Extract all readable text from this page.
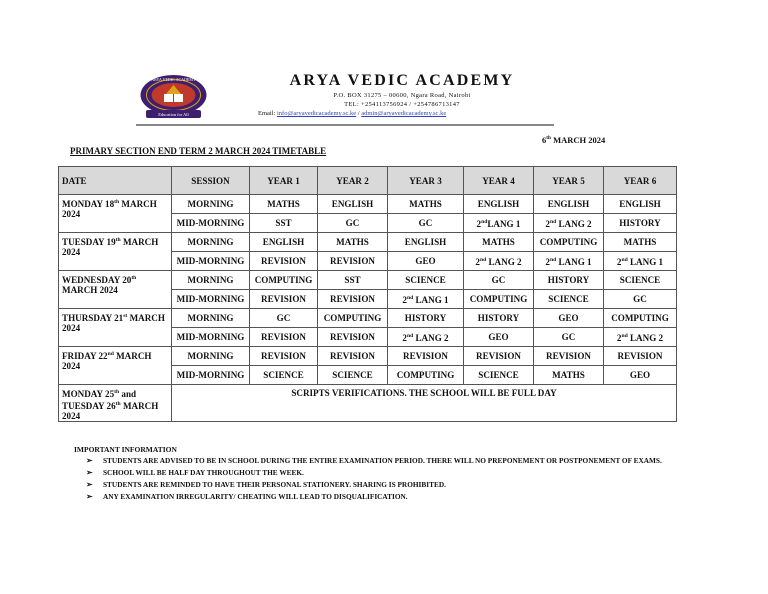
ARYA VEDIC ACADEMY
Education for All
ARYA VEDIC ACADEMY
P.O. BOX 31275 – 00600, Ngara Road, Nairobi
TEL: +254113756924 / +254786713147
Email: info@aryavedicacademy.sc.ke / admin@aryavedicacademy.sc.ke
6th MARCH 2024
PRIMARY SECTION END TERM 2 MARCH 2024 TIMETABLE
DATE	SESSION	YEAR 1	YEAR 2	YEAR 3	YEAR 4	YEAR 5	YEAR 6
MONDAY 18th MARCH 2024	MORNING	MATHS	ENGLISH	MATHS	ENGLISH	ENGLISH	ENGLISH
	MID-MORNING	SST	GC	GC	2ndLANG 1	2nd LANG 2	HISTORY
TUESDAY 19th MARCH 2024	MORNING	ENGLISH	MATHS	ENGLISH	MATHS	COMPUTING	MATHS
	MID-MORNING	REVISION	REVISION	GEO	2nd LANG 2	2nd LANG 1	2nd LANG 1
WEDNESDAY 20th MARCH 2024	MORNING	COMPUTING	SST	SCIENCE	GC	HISTORY	SCIENCE
	MID-MORNING	REVISION	REVISION	2nd LANG 1	COMPUTING	SCIENCE	GC
THURSDAY 21st MARCH 2024	MORNING	GC	COMPUTING	HISTORY	HISTORY	GEO	COMPUTING
	MID-MORNING	REVISION	REVISION	2nd LANG 2	GEO	GC	2nd LANG 2
FRIDAY 22nd MARCH 2024	MORNING	REVISION	REVISION	REVISION	REVISION	REVISION	REVISION
	MID-MORNING	SCIENCE	SCIENCE	COMPUTING	SCIENCE	MATHS	GEO
MONDAY 25th and TUESDAY 26th MARCH 2024	SCRIPTS VERIFICATIONS. THE SCHOOL WILL BE FULL DAY						
IMPORTANT INFORMATION
➢ STUDENTS ARE ADVISED TO BE IN SCHOOL DURING THE ENTIRE EXAMINATION PERIOD. THERE WILL NO PREPONEMENT OR POSTPONEMENT OF EXAMS.
➢ SCHOOL WILL BE HALF DAY THROUGHOUT THE WEEK.
➢ STUDENTS ARE REMINDED TO HAVE THEIR PERSONAL STATIONERY. SHARING IS PROHIBITED.
➢ ANY EXAMINATION IRREGULARITY/ CHEATING WILL LEAD TO DISQUALIFICATION.
